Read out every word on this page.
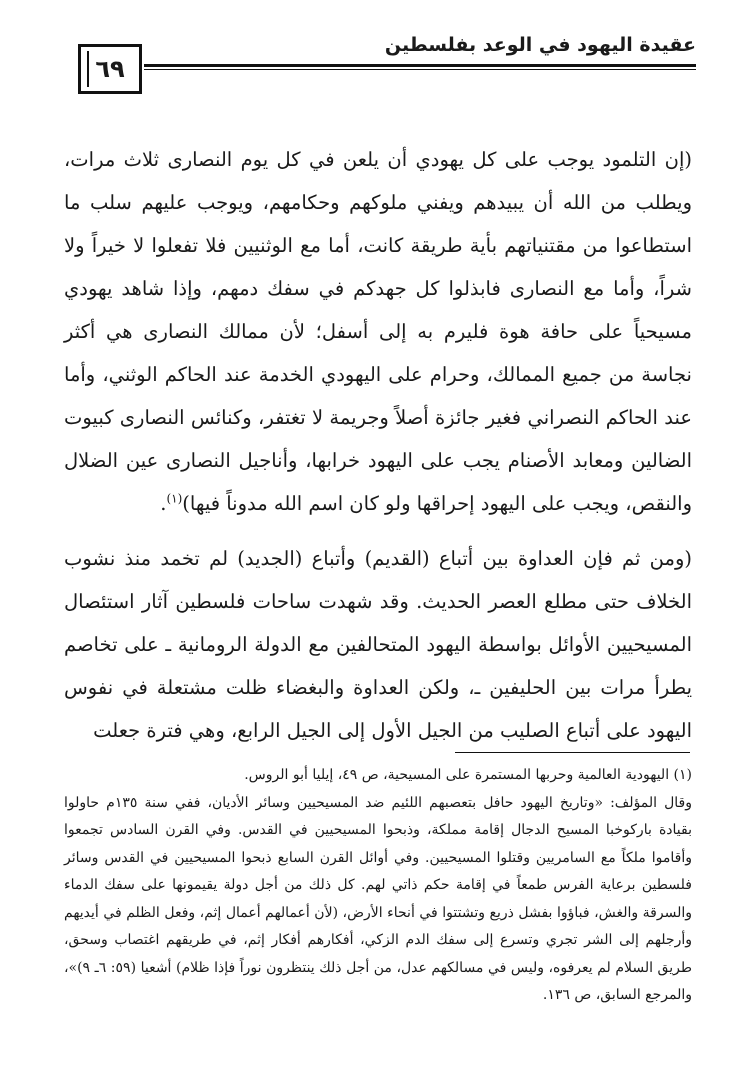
٦٩
عقيدة اليهود في الوعد بفلسطين

(إن التلمود يوجب على كل يهودي أن يلعن في كل يوم النصارى ثلاث مرات، ويطلب من الله أن يبيدهم ويفني ملوكهم وحكامهم، ويوجب عليهم سلب ما استطاعوا من مقتنياتهم بأية طريقة كانت، أما مع الوثنيين فلا تفعلوا لا خيراً ولا شراً، وأما مع النصارى فابذلوا كل جهدكم في سفك دمهم، وإذا شاهد يهودي مسيحياً على حافة هوة فليرم به إلى أسفل؛ لأن ممالك النصارى هي أكثر نجاسة من جميع الممالك، وحرام على اليهودي الخدمة عند الحاكم الوثني، وأما عند الحاكم النصراني فغير جائزة أصلاً وجريمة لا تغتفر، وكنائس النصارى كبيوت الضالين ومعابد الأصنام يجب على اليهود خرابها، وأناجيل النصارى عين الضلال والنقص، ويجب على اليهود إحراقها ولو كان اسم الله مدوناً فيها)$^{(١)}$.

(ومن ثم فإن العداوة بين أتباع (القديم) وأتباع (الجديد) لم تخمد منذ نشوب الخلاف حتى مطلع العصر الحديث. وقد شهدت ساحات فلسطين آثار استئصال المسيحيين الأوائل بواسطة اليهود المتحالفين مع الدولة الرومانية ـ على تخاصم يطرأ مرات بين الحليفين ـ، ولكن العداوة والبغضاء ظلت مشتعلة في نفوس اليهود على أتباع الصليب من الجيل الأول إلى الجيل الرابع، وهي فترة جعلت

(١) اليهودية العالمية وحربها المستمرة على المسيحية، ص ٤٩، إيليا أبو الروس.

وقال المؤلف: «وتاريخ اليهود حافل بتعصبهم اللئيم ضد المسيحيين وسائر الأديان، ففي سنة ١٣٥م حاولوا بقيادة باركوخبا المسيح الدجال إقامة مملكة، وذبحوا المسيحيين في القدس. وفي القرن السادس تجمعوا وأقاموا ملكاً مع السامريين وقتلوا المسيحيين. وفي أوائل القرن السابع ذبحوا المسيحيين في القدس وسائر فلسطين برعاية الفرس طمعاً في إقامة حكم ذاتي لهم. كل ذلك من أجل دولة يقيمونها على سفك الدماء والسرقة والغش، فباؤوا بفشل ذريع وتشتتوا في أنحاء الأرض، (لأن أعمالهم أعمال إثم، وفعل الظلم في أيديهم وأرجلهم إلى الشر تجري وتسرع إلى سفك الدم الزكي، أفكارهم أفكار إثم، في طريقهم اغتصاب وسحق، طريق السلام لم يعرفوه، وليس في مسالكهم عدل، من أجل ذلك ينتظرون نوراً فإذا ظلام) أشعيا (٥٩: ٦ـ ٩)»، والمرجع السابق، ص ١٣٦.
